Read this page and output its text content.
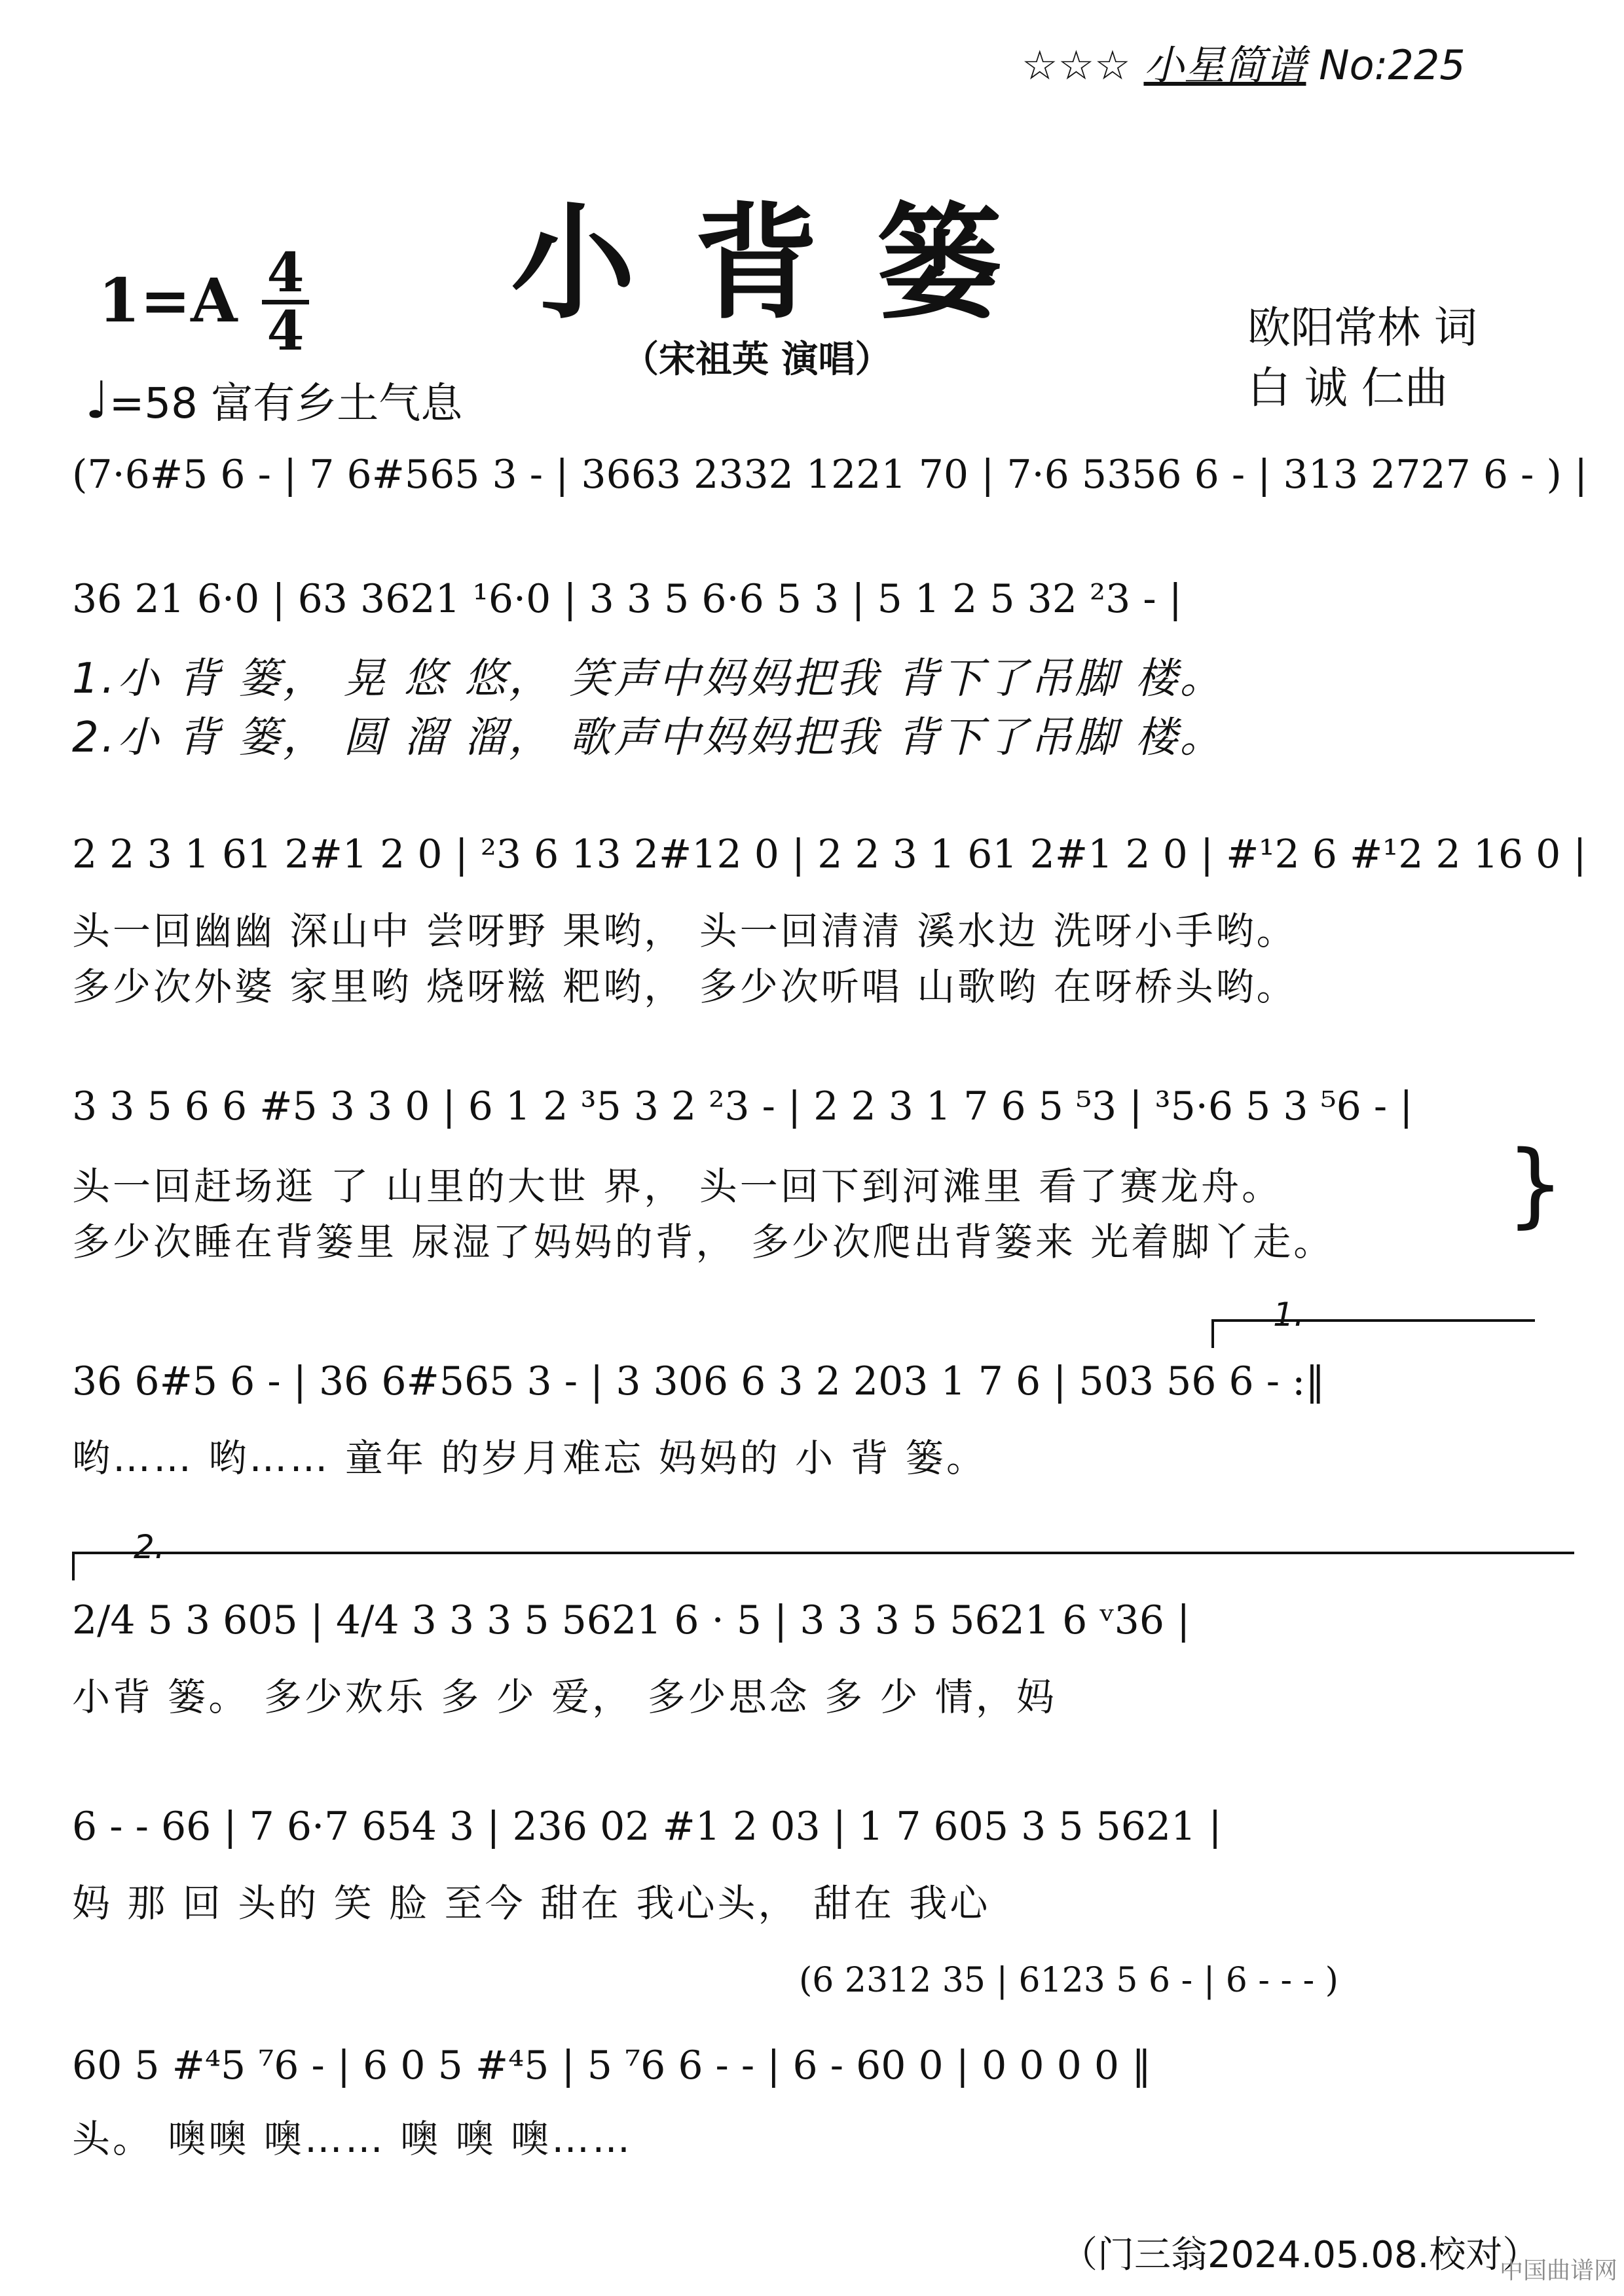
☆☆☆ 小星简谱 No:225
小背篓
（宋祖英 演唱）
1=A 4
4
♩=58 富有乡土气息
欧阳常林 词
白 诚 仁曲
(7·6#5 6 - | 7 6#565 3 - | 3663 2332 1221 70 | 7·6 5356 6 - | 313 2727 6 - ) |
36 21 6·0 | 63 3621 ¹6·0 | 3 3 5 6·6 5 3 | 5 1 2 5 32 ²3 - |
1.小 背 篓， 晃 悠 悠， 笑声中妈妈把我 背下了吊脚 楼。
2.小 背 篓， 圆 溜 溜， 歌声中妈妈把我 背下了吊脚 楼。
2 2 3 1 61 2#1 2 0 | ²3 6 13 2#12 0 | 2 2 3 1 61 2#1 2 0 | #¹2 6 #¹2 2 16 0 |
头一回幽幽 深山中 尝呀野 果哟， 头一回清清 溪水边 洗呀小手哟。
多少次外婆 家里哟 烧呀糍 粑哟， 多少次听唱 山歌哟 在呀桥头哟。
3 3 5 6 6 #5 3 3 0 | 6 1 2 ³5 3 2 ²3 - | 2 2 3 1 7 6 5 ⁵3 | ³5·6 5 3 ⁵6 - |
头一回赶场逛 了 山里的大世 界， 头一回下到河滩里 看了赛龙舟。
多少次睡在背篓里 尿湿了妈妈的背， 多少次爬出背篓来 光着脚丫走。
}
1.
36 6#5 6 - | 36 6#565 3 - | 3 306 6 3 2 203 1 7 6 | 503 56 6 - :‖
哟…… 哟…… 童年 的岁月难忘 妈妈的 小 背 篓。
2.
2/4 5 3 605 | 4/4 3 3 3 5 5621 6 · 5 | 3 3 3 5 5621 6 ᵛ36 |
小背 篓。 多少欢乐 多 少 爱， 多少思念 多 少 情，妈
6 - - 66 | 7 6·7 654 3 | 236 02 #1 2 03 | 1 7 605 3 5 5621 |
妈 那 回 头的 笑 脸 至今 甜在 我心头， 甜在 我心
(6 2312 35 | 6123 5 6 - | 6 - - - )
60 5 #⁴5 ⁷6 - | 6 0 5 #⁴5 | 5 ⁷6 6 - - | 6 - 60 0 | 0 0 0 0 ‖
头。 噢噢 噢…… 噢 噢 噢……
（门三翁2024.05.08.校对）
中国曲谱网
